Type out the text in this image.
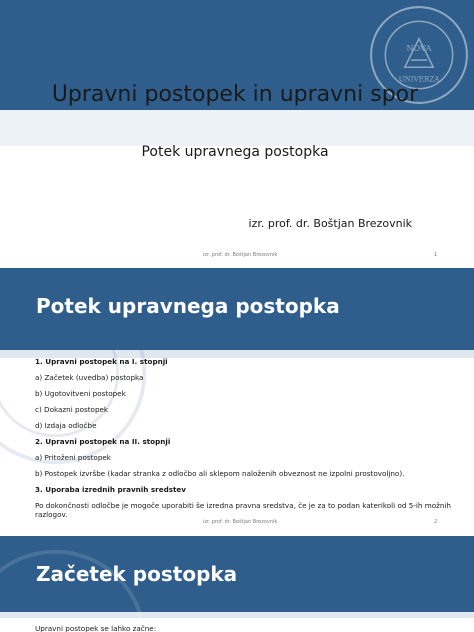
NOVA
UNIVERZA
Upravni postopek in upravni spor
Potek upravnega postopka
izr. prof. dr. Boštjan Brezovnik
izr. prof. dr. Boštjan Brezovnik	1
Potek upravnega postopka
1. Upravni postopek na I. stopnji
a) Začetek (uvedba) postopka
b) Ugotovitveni postopek
c) Dokazni postopek
d) Izdaja odločbe
2. Upravni postopek na II. stopnji
a) Pritoženi postopek
b) Postopek izvršbe (kadar stranka z odločbo ali sklepom naloženih obveznost ne izpolni prostovoljno).
3. Uporaba izrednih pravnih sredstev
Po dokončnosti odločbe je mogoče uporabiti še izredna pravna sredstva, če je za to podan katerikoli od 5-ih možnih razlogov.
izr. prof. dr. Boštjan Brezovnik	2
Začetek postopka
Upravni postopek se lahko začne:
